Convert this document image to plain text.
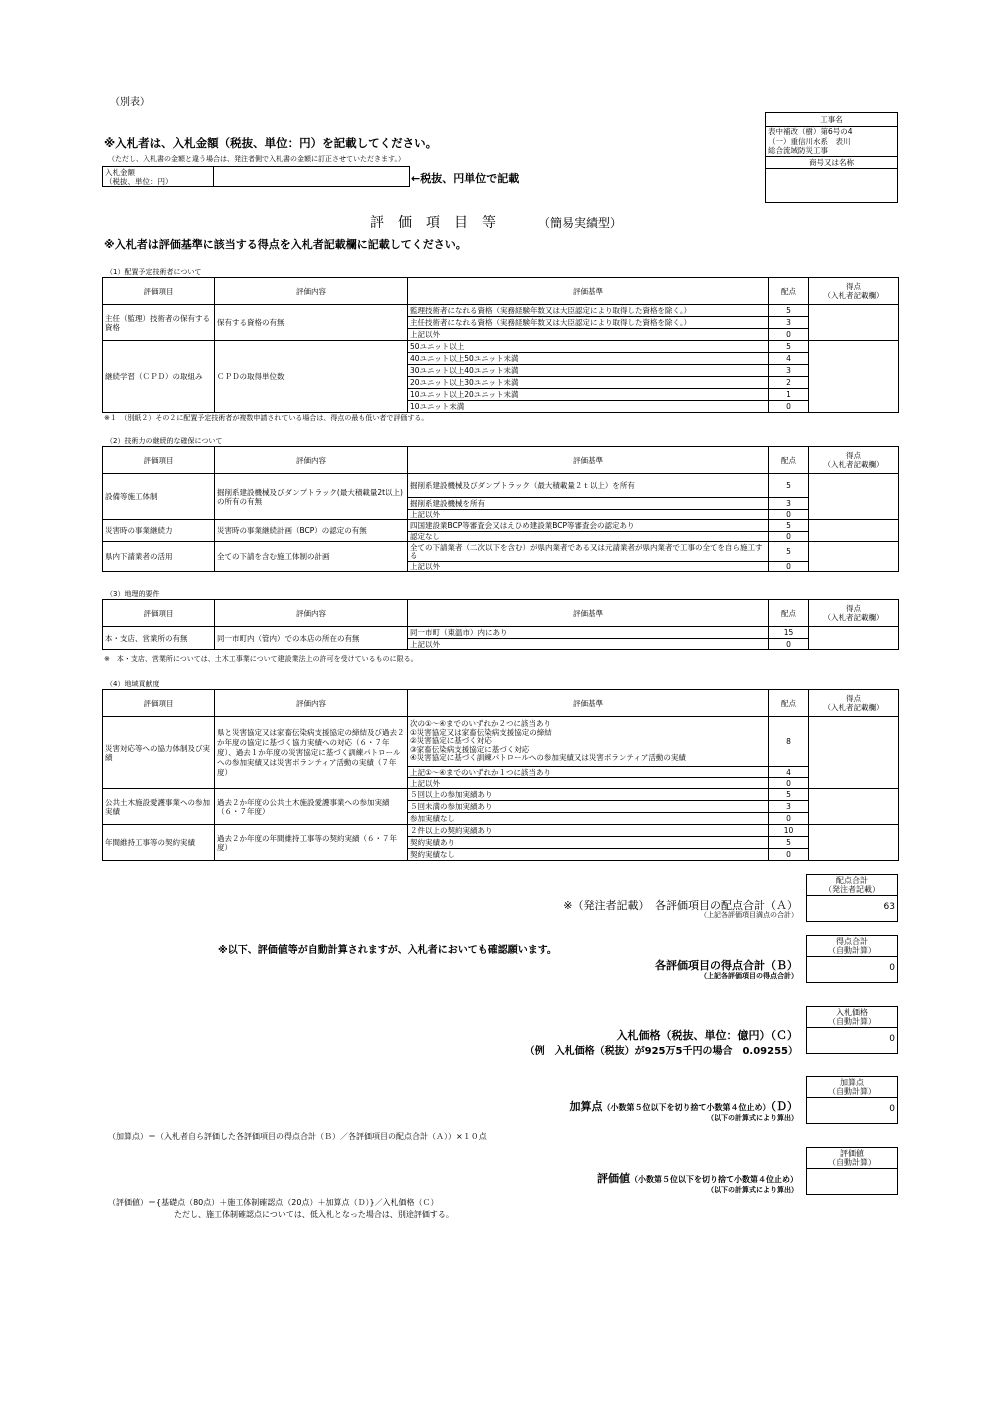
（別表）
※入札者は、入札金額（税抜、単位：円）を記載してください。
（ただし、入札書の金額と違う場合は、発注者側で入札書の金額に訂正させていただきます。）
入札金額
（税抜、単位：円）		←税抜、円単位で記載
工事名
表中補改（樹）第6号の4
（一）重信川水系　表川
総合流域防災工事
商号又は名称

評　価　項　目　等	（簡易実績型）
※入札者は評価基準に該当する得点を入札者記載欄に記載してください。
（1）配置予定技術者について
評価項目	評価内容	評価基準	配点	得点
（入札者記載欄）
主任（監理）技術者の保有する資格	保有する資格の有無	監理技術者になれる資格（実務経験年数又は大臣認定により取得した資格を除く。）	5	
		主任技術者になれる資格（実務経験年数又は大臣認定により取得した資格を除く。）	3	
		上記以外	0	
継続学習（ＣＰＤ）の取組み	ＣＰＤの取得単位数	50ユニット以上	5	
		40ユニット以上50ユニット未満	4	
		30ユニット以上40ユニット未満	3	
		20ユニット以上30ユニット未満	2	
		10ユニット以上20ユニット未満	1	
		10ユニット未満	0	
※１　（別紙２）その２に配置予定技術者が複数申請されている場合は、得点の最も低い者で評価する。
（2）技術力の継続的な確保について
評価項目	評価内容	評価基準	配点	得点
（入札者記載欄）
設備等施工体制	掘削系建設機械及びダンプトラック(最大積載量2t以上)の所有の有無	掘削系建設機械及びダンプトラック（最大積載量２ｔ以上）を所有	5	
		掘削系建設機械を所有	3	
		上記以外	0	
災害時の事業継続力	災害時の事業継続計画（BCP）の認定の有無	四国建設業BCP等審査会又はえひめ建設業BCP等審査会の認定あり	5	
		認定なし	0	
県内下請業者の活用	全ての下請を含む施工体制の計画	全ての下請業者（二次以下を含む）が県内業者である又は元請業者が県内業者で工事の全てを自ら施工する	5	
		上記以外	0	
（3）地理的要件
評価項目	評価内容	評価基準	配点	得点
（入札者記載欄）
本・支店、営業所の有無	同一市町内（管内）での本店の所在の有無	同一市町（東温市）内にあり	15	
		上記以外	0	
※　本・支店、営業所については、土木工事業について建設業法上の許可を受けているものに限る。
（4）地域貢献度
評価項目	評価内容	評価基準	配点	得点
（入札者記載欄）
災害対応等への協力体制及び実績	県と災害協定又は家畜伝染病支援協定の締結及び過去２か年度の協定に基づく協力実績への対応（６・７年度）、過去１か年度の災害協定に基づく訓練パトロールへの参加実績又は災害ボランティア活動の実績（７年度）	次の①～④までのいずれか２つに該当あり
①災害協定又は家畜伝染病支援協定の締結
②災害協定に基づく対応
③家畜伝染病支援協定に基づく対応
④災害協定に基づく訓練パトロールへの参加実績又は災害ボランティア活動の実績	8	
		上記①～④までのいずれか１つに該当あり	4	
		上記以外	0	
公共土木施設愛護事業への参加実績	過去２か年度の公共土木施設愛護事業への参加実績（６・７年度）	５回以上の参加実績あり	5	
		５回未満の参加実績あり	3	
		参加実績なし	0	
年間維持工事等の契約実績	過去２か年度の年間維持工事等の契約実績（６・７年度）	２件以上の契約実績あり	10	
		契約実績あり	5	
		契約実績なし	0	
配点合計
（発注者記載）
63
※（発注者記載）　各評価項目の配点合計（Ａ）
（上記各評価項目満点の合計）
※以下、評価値等が自動計算されますが、入札者においても確認願います。
得点合計
（自動計算）
0
各評価項目の得点合計（Ｂ）
（上記各評価項目の得点合計）
入札価格
（自動計算）
0
入札価格（税抜、単位：億円）（Ｃ）
（例　入札価格（税抜）が925万5千円の場合　0.09255）
加算点
（自動計算）
0
加算点（小数第５位以下を切り捨て小数第４位止め）（Ｄ）
（以下の計算式により算出）
（加算点）＝（入札者自ら評価した各評価項目の得点合計（Ｂ）／各評価項目の配点合計（Ａ））×１０点
評価値
（自動計算）
評価値（小数第５位以下を切り捨て小数第４位止め）
（以下の計算式により算出）
（評価値）＝{基礎点（80点）＋施工体制確認点（20点）＋加算点（Ｄ）}／入札価格（Ｃ）
ただし、施工体制確認点については、低入札となった場合は、別途評価する。
